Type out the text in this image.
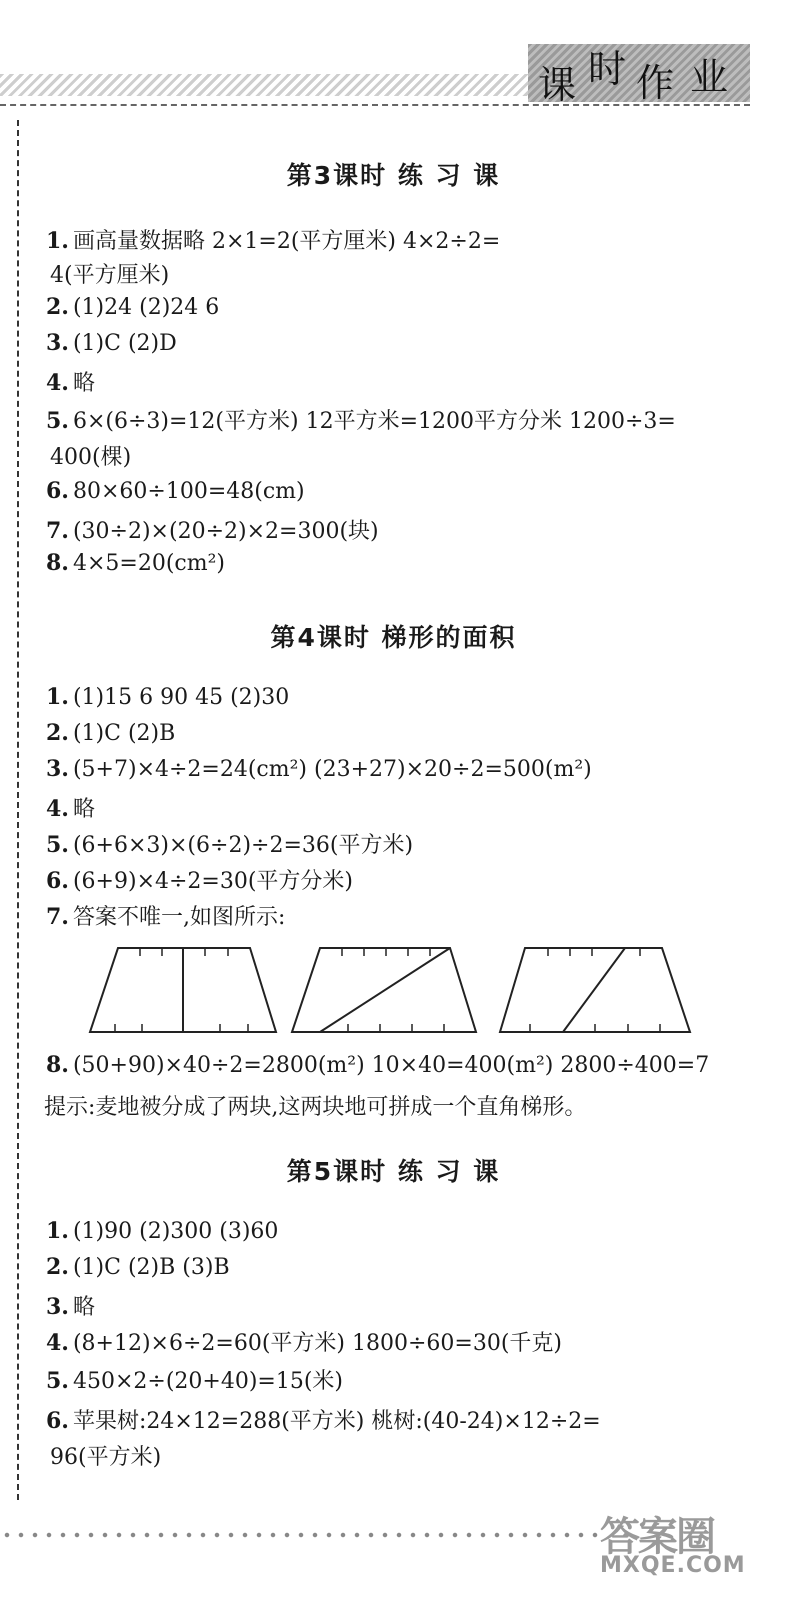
课 时 作 业
第3课时 练 习 课
1. 画高量数据略 2×1=2(平方厘米) 4×2÷2=
4(平方厘米)
2. (1)24 (2)24 6
3. (1)C (2)D
4. 略
5. 6×(6÷3)=12(平方米) 12平方米=1200平方分米 1200÷3=
400(棵)
6. 80×60÷100=48(cm)
7. (30÷2)×(20÷2)×2=300(块)
8. 4×5=20(cm²)
第4课时 梯形的面积
1. (1)15 6 90 45 (2)30
2. (1)C (2)B
3. (5+7)×4÷2=24(cm²) (23+27)×20÷2=500(m²)
4. 略
5. (6+6×3)×(6÷2)÷2=36(平方米)
6. (6+9)×4÷2=30(平方分米)
7. 答案不唯一,如图所示:
8. (50+90)×40÷2=2800(m²) 10×40=400(m²) 2800÷400=7
提示:麦地被分成了两块,这两块地可拼成一个直角梯形。
第5课时 练 习 课
1. (1)90 (2)300 (3)60
2. (1)C (2)B (3)B
3. 略
4. (8+12)×6÷2=60(平方米) 1800÷60=30(千克)
5. 450×2÷(20+40)=15(米)
6. 苹果树:24×12=288(平方米) 桃树:(40-24)×12÷2=
96(平方米)
答案圈
MXQE.COM
